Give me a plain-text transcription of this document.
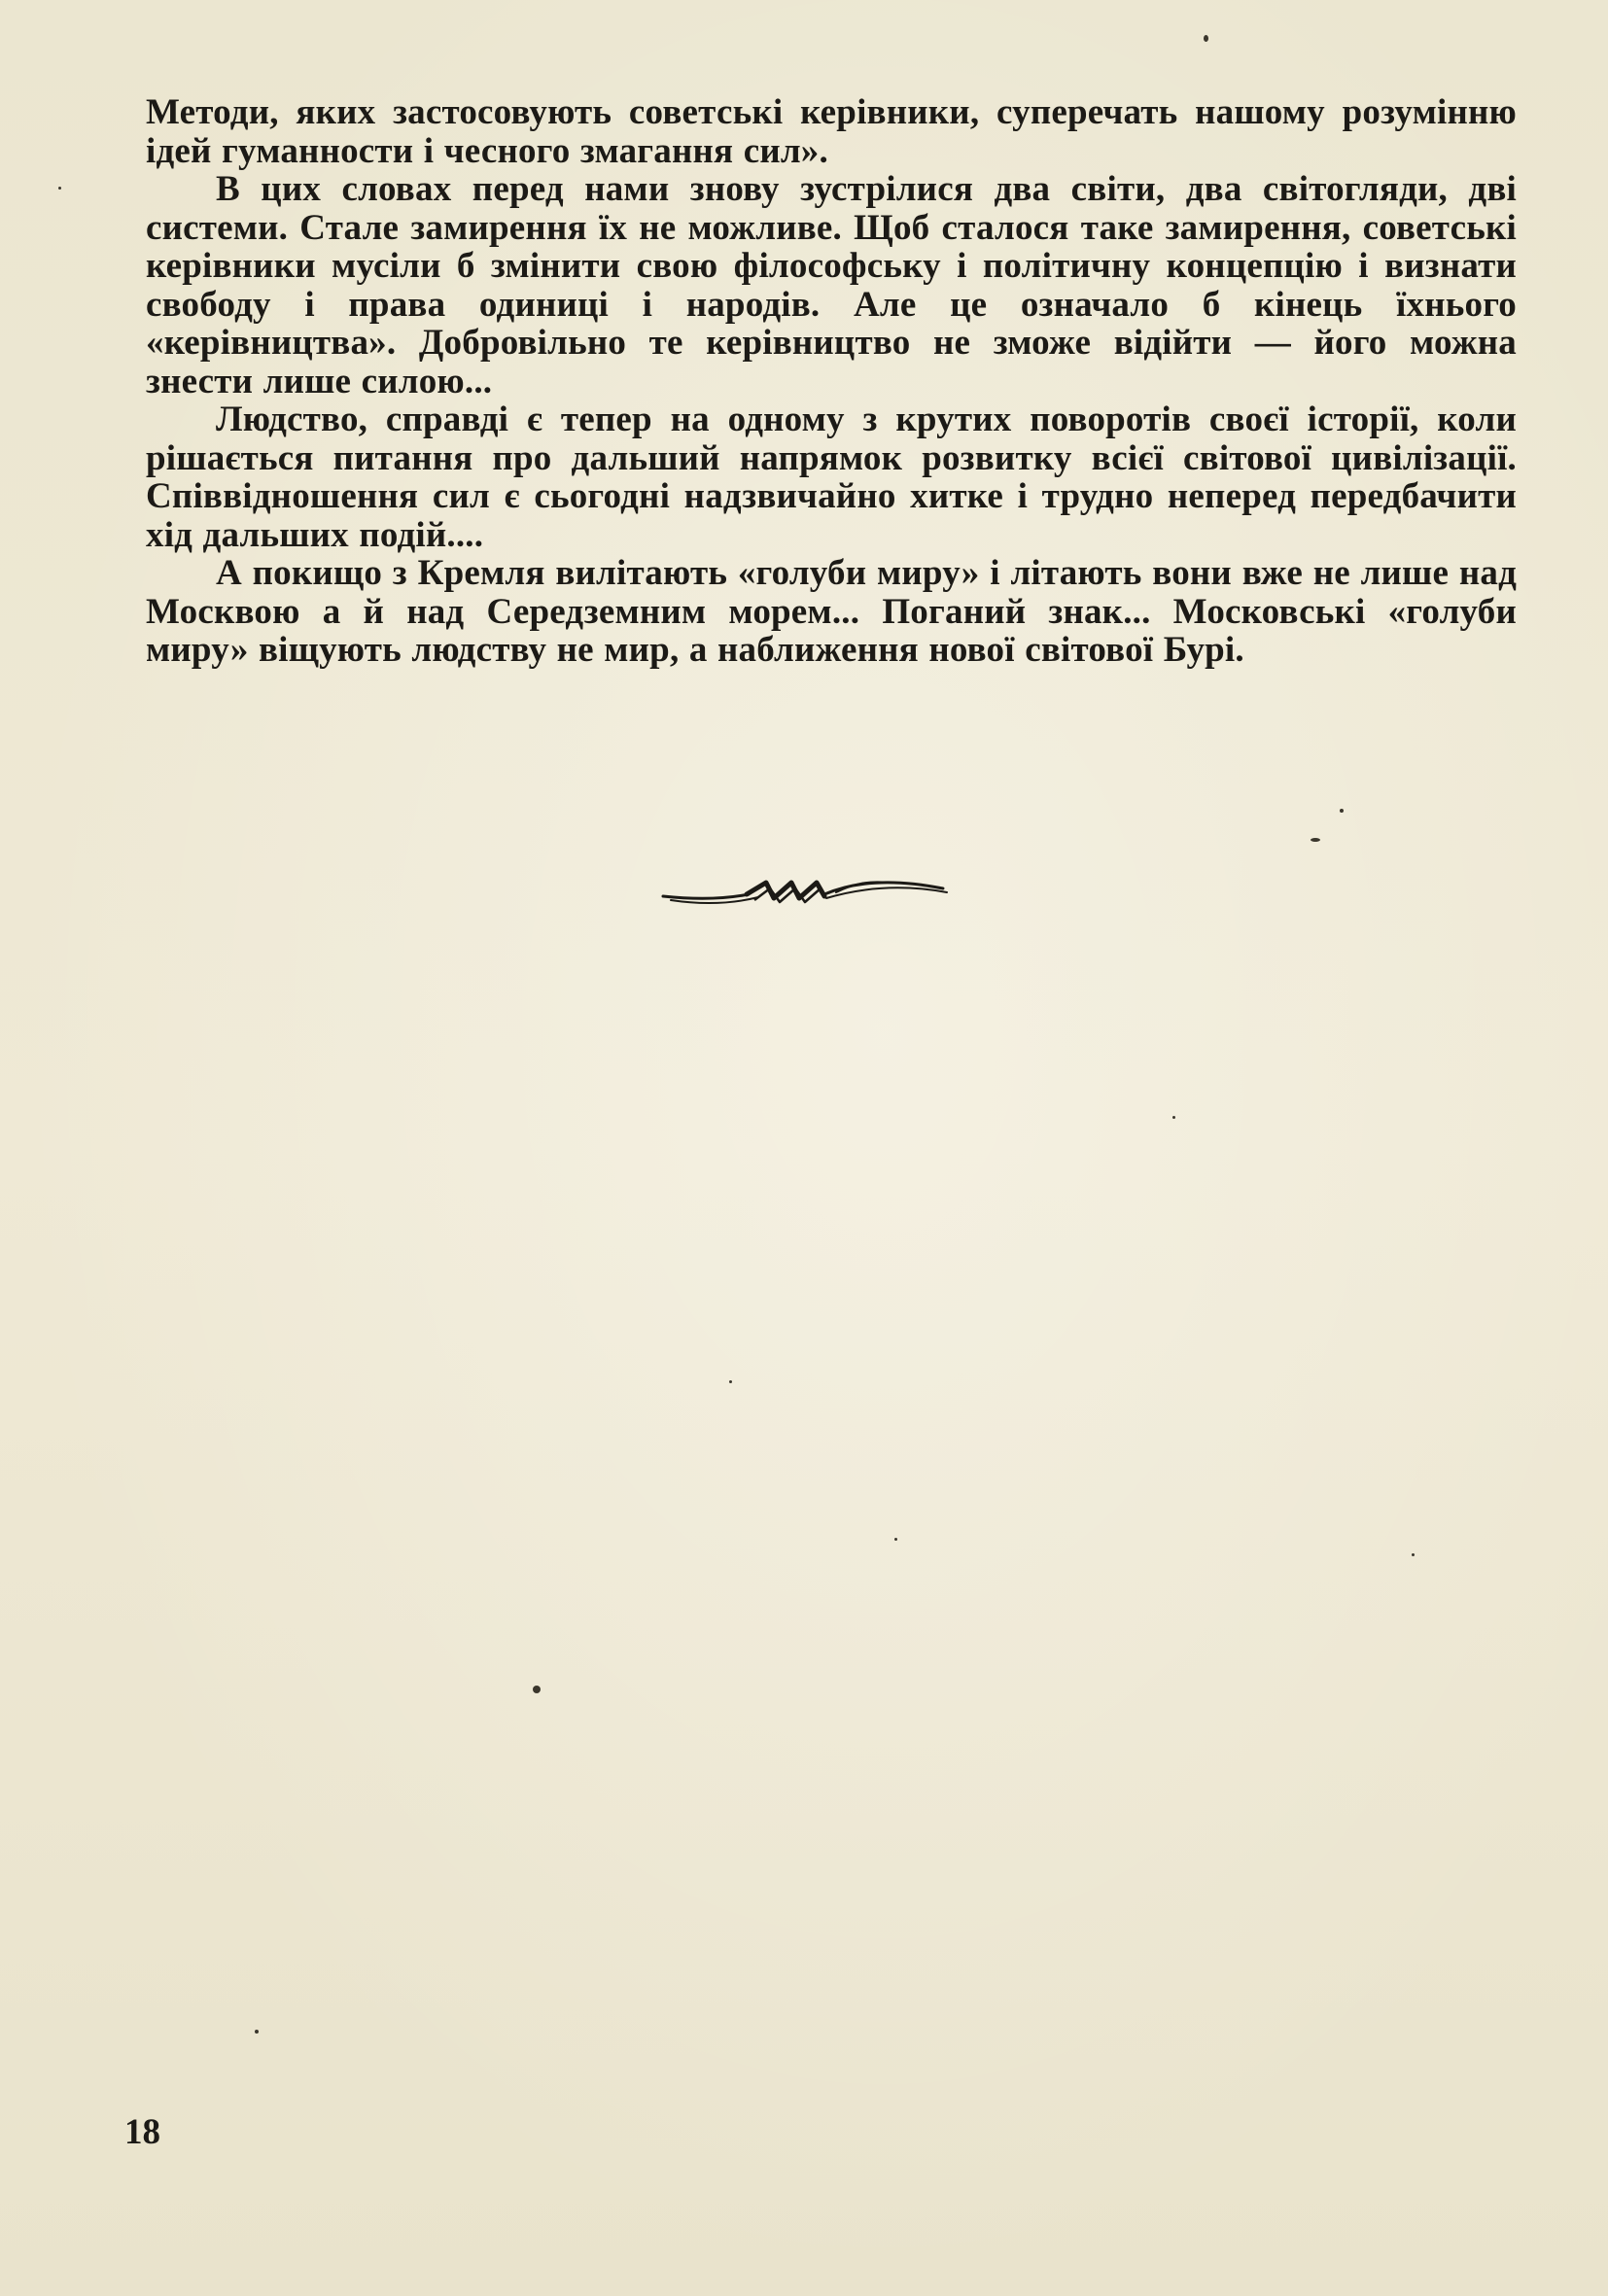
Методи, яких застосовують советські керівники, суперечать нашому розумінню ідей гуманности і чесного змагання сил».

В цих словах перед нами знову зустрілися два світи, два світогляди, дві системи. Стале замирення їх не можливе. Щоб сталося таке замирення, советські керівники мусіли б змінити свою філософську і політичну концепцію і визнати свободу і права одиниці і народів. Але це означало б кінець їхнього «керівництва». Добровільно те керівництво не зможе відійти — його можна знести лише силою...

Людство, справді є тепер на одному з крутих поворотів своєї історії, коли рішається питання про дальший напрямок розвитку всієї світової цивілізації. Співвідношення сил є сьогодні надзвичайно хитке і трудно неперед передбачити хід дальших подій....

А покищо з Кремля вилітають «голуби миру» і літають вони вже не лише над Москвою а й над Середземним морем... Поганий знак... Московські «голуби миру» віщують людству не мир, а наближення нової світової Бурі.

18
